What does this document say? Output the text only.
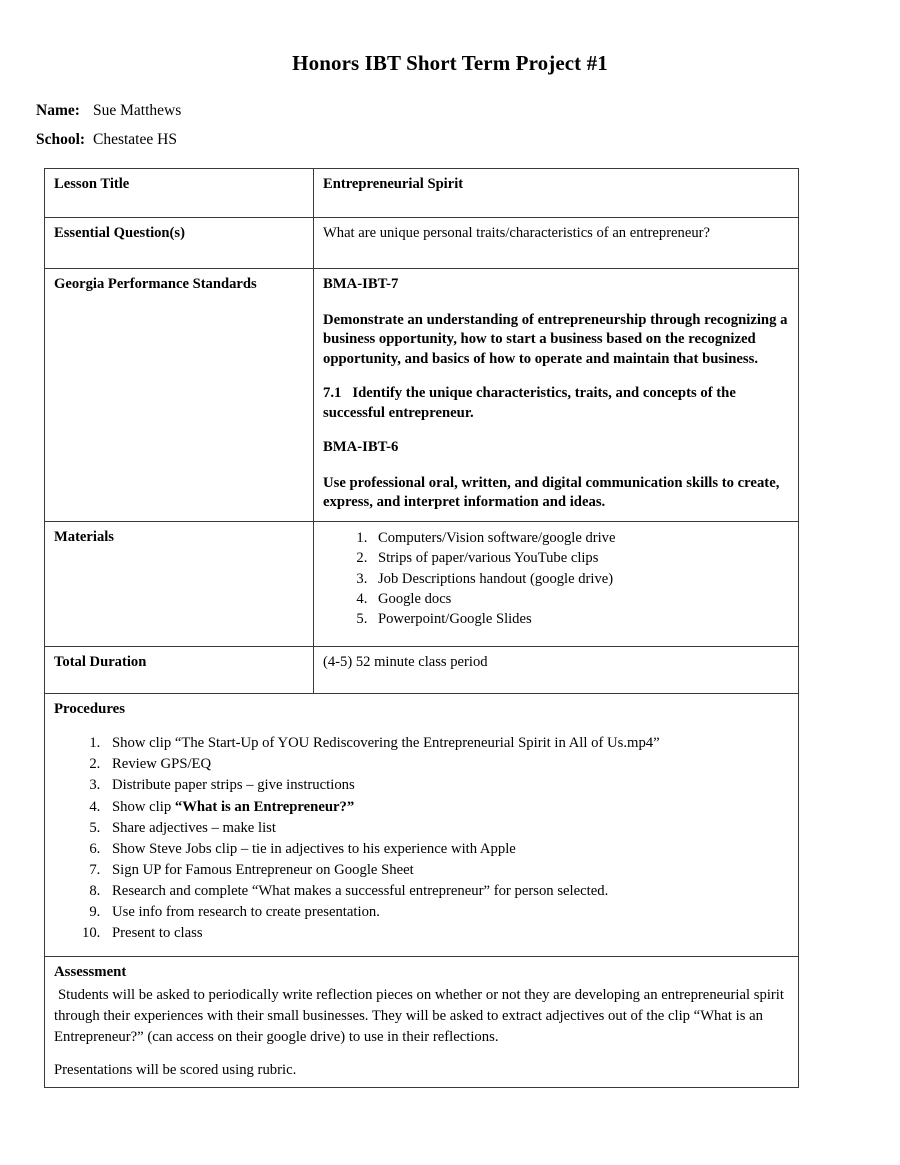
Honors IBT Short Term Project #1
Name: Sue Matthews
School: Chestatee HS
Lesson Title	Entrepreneurial Spirit
Essential Question(s)	What are unique personal traits/characteristics of an entrepreneur?
Georgia Performance Standards	BMA-IBT-7

Demonstrate an understanding of entrepreneurship through recognizing a business opportunity, how to start a business based on the recognized opportunity, and basics of how to operate and maintain that business.

7.1 Identify the unique characteristics, traits, and concepts of the successful entrepreneur.

BMA-IBT-6

Use professional oral, written, and digital communication skills to create, express, and interpret information and ideas.

Materials	
1.Computers/Vision software/google drive
2. Strips of paper/various YouTube clips
3. Job Descriptions handout (google drive)
4. Google docs
5. Powerpoint/Google Slides

Total Duration	(4-5) 52 minute class period

Procedures

1. Show clip “The Start-Up of YOU Rediscovering the Entrepreneurial Spirit in All of Us.mp4”
2. Review GPS/EQ
3. Distribute paper strips – give instructions
4. Show clip “What is an Entrepreneur?”
5. Share adjectives – make list
6. Show Steve Jobs clip – tie in adjectives to his experience with Apple
7. Sign UP for Famous Entrepreneur on Google Sheet
8. Research and complete “What makes a successful entrepreneur” for person selected.
9. Use info from research to create presentation.
10. Present to class

Assessment

Students will be asked to periodically write reflection pieces on whether or not they are developing an entrepreneurial spirit through their experiences with their small businesses. They will be asked to extract adjectives out of the clip “What is an Entrepreneur?” (can access on their google drive) to use in their reflections.

Presentations will be scored using rubric.	
